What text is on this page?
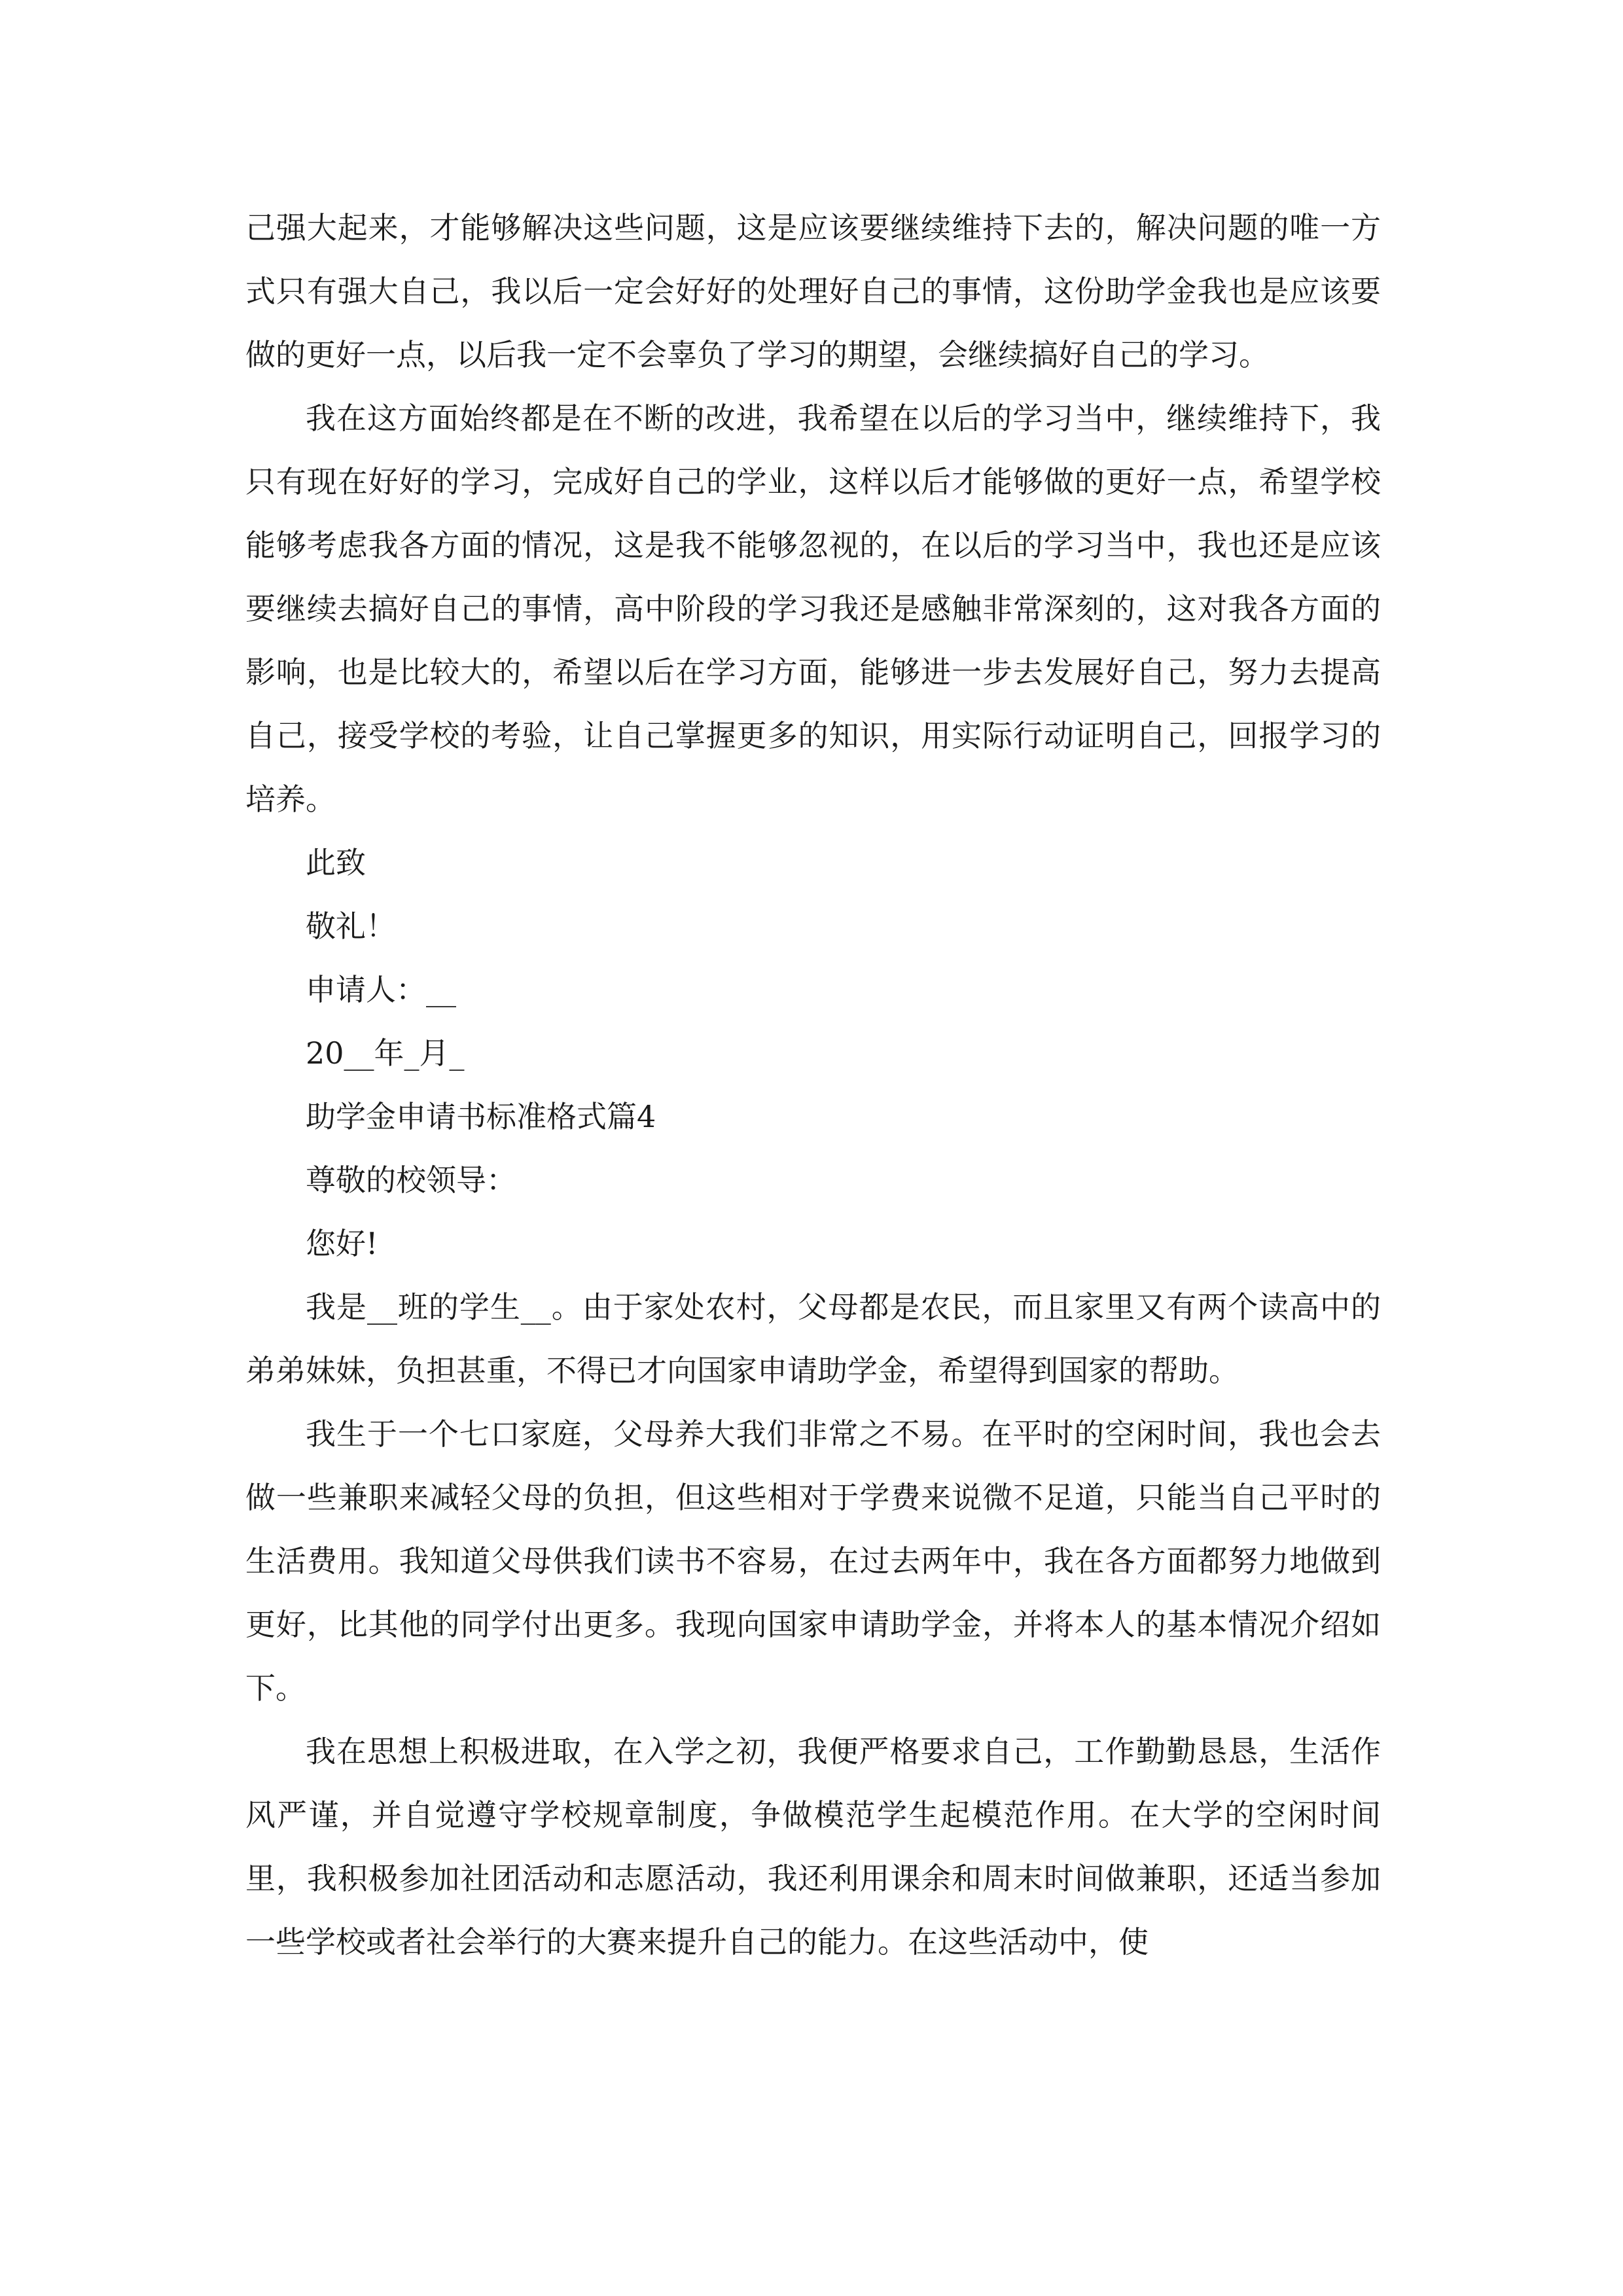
己强大起来，才能够解决这些问题，这是应该要继续维持下去的，解决问题的唯一方式只有强大自己，我以后一定会好好的处理好自己的事情，这份助学金我也是应该要做的更好一点，以后我一定不会辜负了学习的期望，会继续搞好自己的学习。

我在这方面始终都是在不断的改进，我希望在以后的学习当中，继续维持下，我只有现在好好的学习，完成好自己的学业，这样以后才能够做的更好一点，希望学校能够考虑我各方面的情况，这是我不能够忽视的，在以后的学习当中，我也还是应该要继续去搞好自己的事情，高中阶段的学习我还是感触非常深刻的，这对我各方面的影响，也是比较大的，希望以后在学习方面，能够进一步去发展好自己，努力去提高自己，接受学校的考验，让自己掌握更多的知识，用实际行动证明自己，回报学习的培养。

此致

敬礼！

申请人：__

20__年_月_

助学金申请书标准格式篇4

尊敬的校领导：

您好!

我是__班的学生__。由于家处农村，父母都是农民，而且家里又有两个读高中的弟弟妹妹，负担甚重，不得已才向国家申请助学金，希望得到国家的帮助。

我生于一个七口家庭，父母养大我们非常之不易。在平时的空闲时间，我也会去做一些兼职来减轻父母的负担，但这些相对于学费来说微不足道，只能当自己平时的生活费用。我知道父母供我们读书不容易，在过去两年中，我在各方面都努力地做到更好，比其他的同学付出更多。我现向国家申请助学金，并将本人的基本情况介绍如下。

我在思想上积极进取，在入学之初，我便严格要求自己，工作勤勤恳恳，生活作风严谨，并自觉遵守学校规章制度，争做模范学生起模范作用。在大学的空闲时间里，我积极参加社团活动和志愿活动，我还利用课余和周末时间做兼职，还适当参加一些学校或者社会举行的大赛来提升自己的能力。在这些活动中，使
